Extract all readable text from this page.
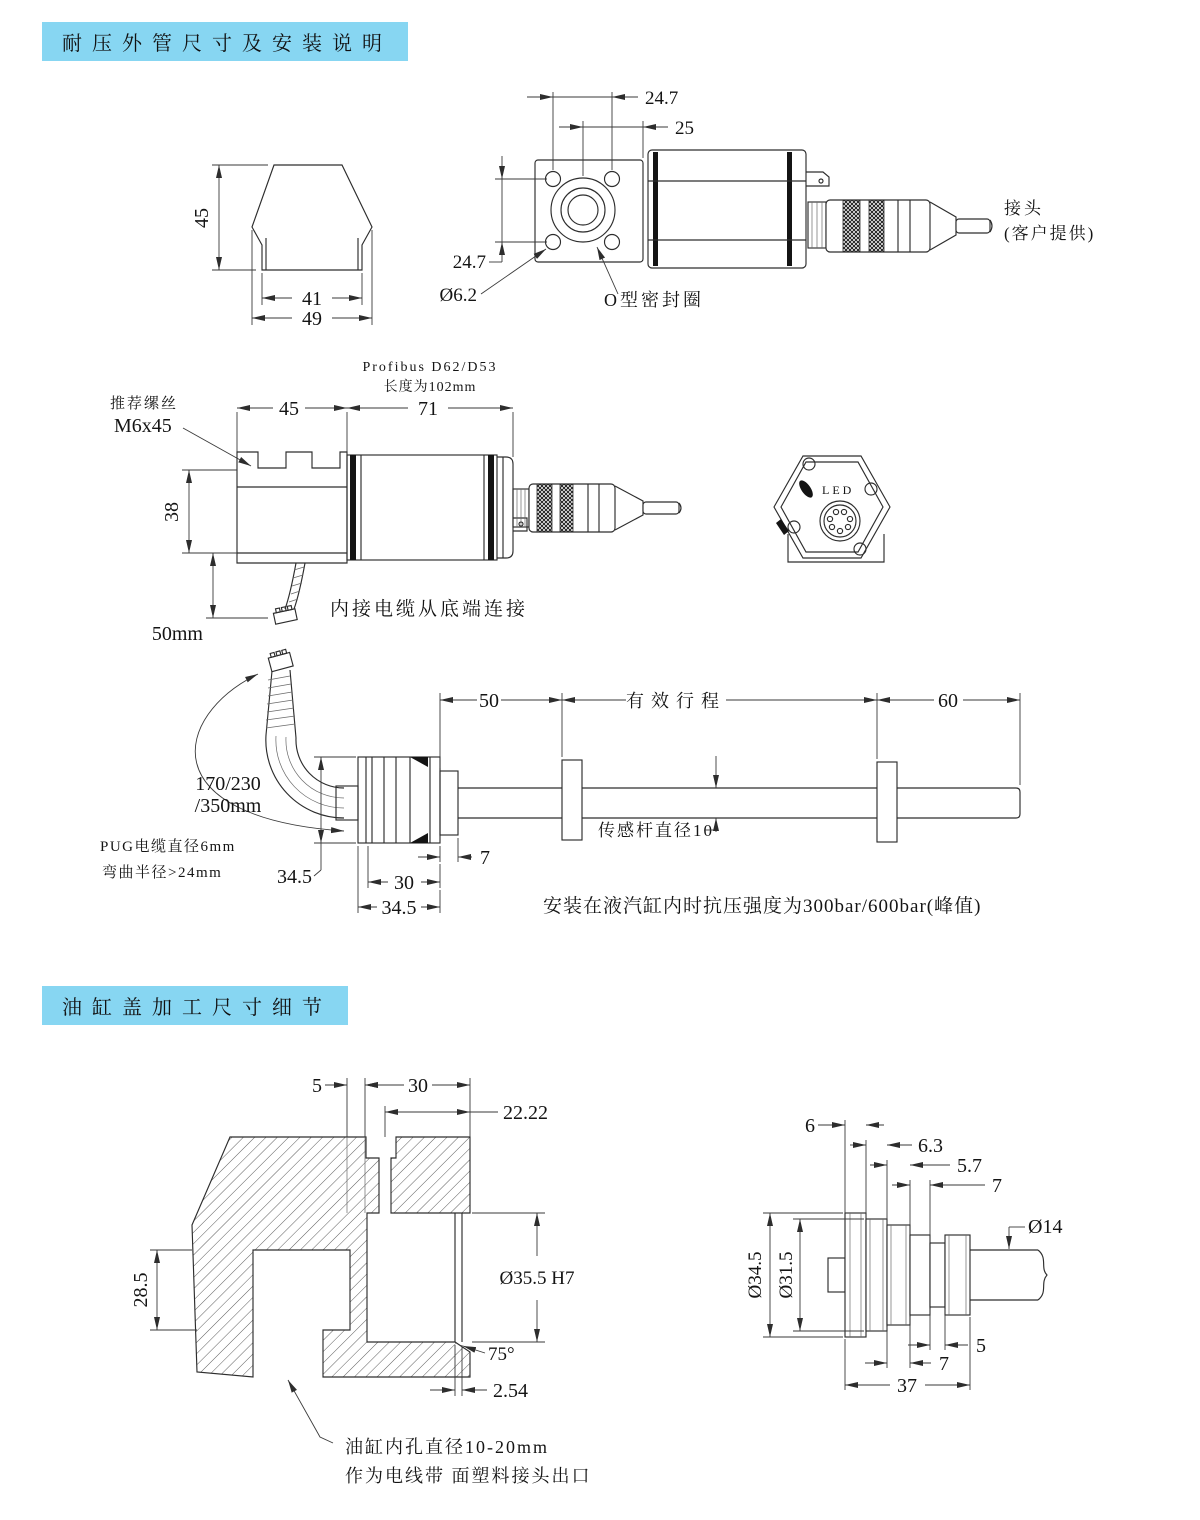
耐压外管尺寸及安装说明
油缸盖加工尺寸细节
45
41
49
接头
(客户提供)
24.7
25
24.7
Ø6.2	O型密封圈
Profibus D62/D53
长度为102mm
推荐缧丝
M6x45
45	71
38
50mm
内接电缆从底端连接
LED
50	有效行程	60
170/230
/350mm
PUG电缆直径6mm
弯曲半径>24mm	34.5
7
30
34.5
传感杆直径10
安装在液汽缸内时抗压强度为300bar/600bar(峰值)
5	30
22.22
28.5	Ø35.5 H7
75°
2.54
油缸内孔直径10-20mm
作为电线带 面塑料接头出口
6
6.3
5.7
7
Ø14
Ø34.5 Ø31.5
5
7
37
